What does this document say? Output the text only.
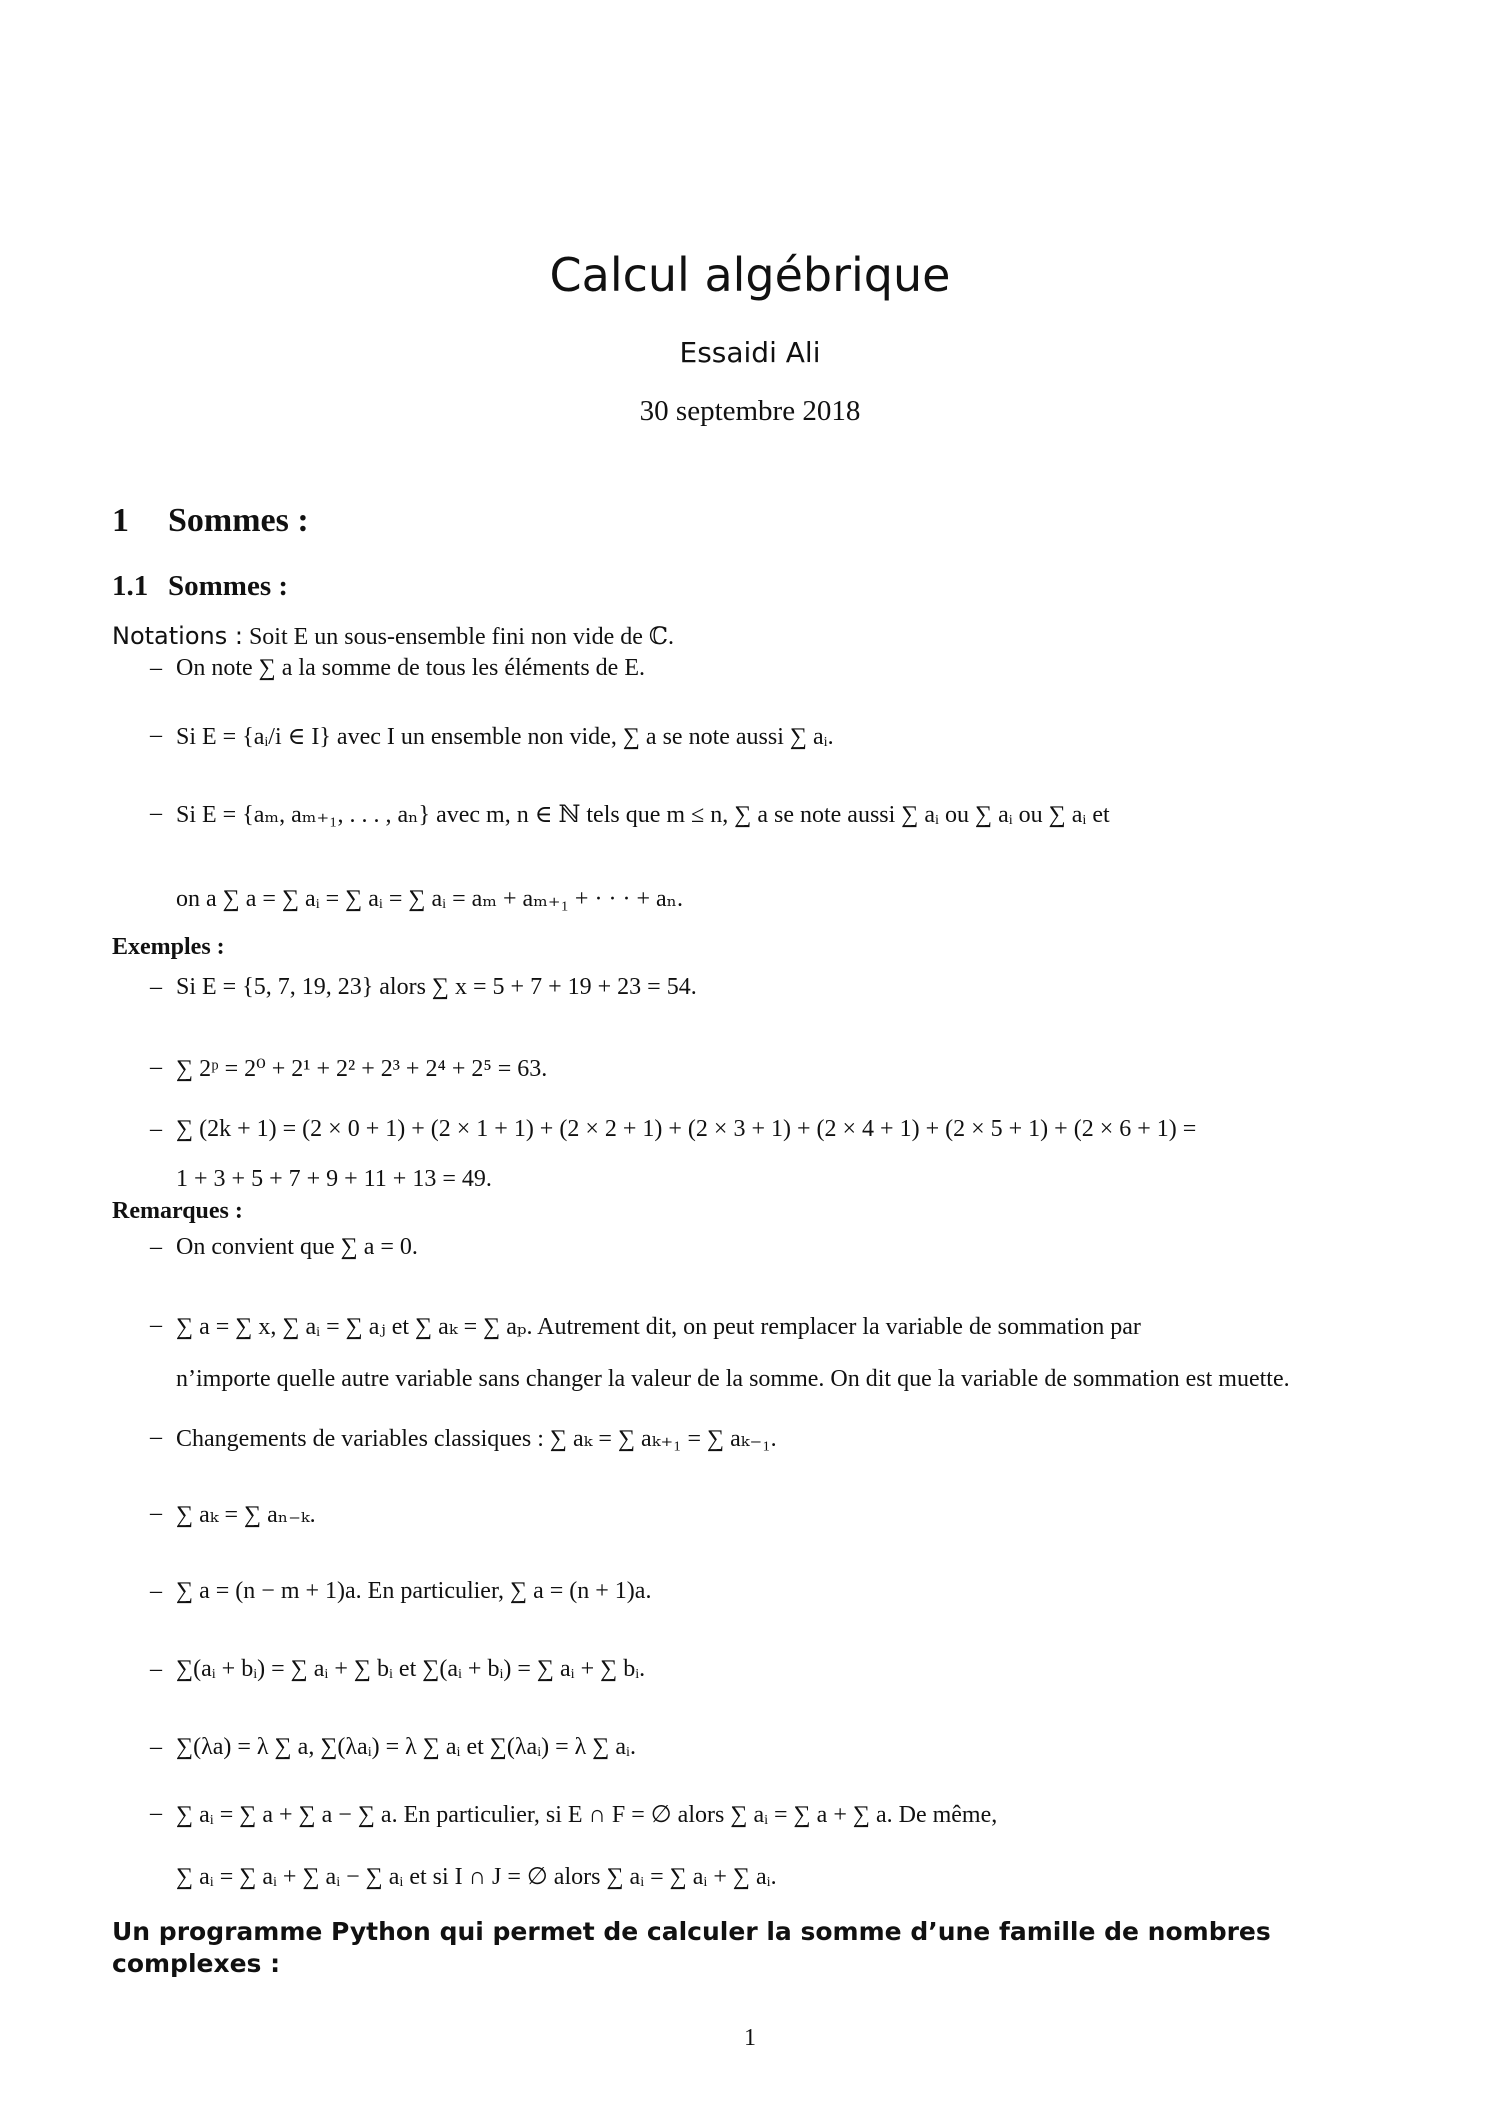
Calcul algébrique
Essaidi Ali
30 septembre 2018
1 Sommes :
1.1 Sommes :
Notations : Soit E un sous-ensemble fini non vide de ℂ.
– On note ∑ a la somme de tous les éléments de E.
– Si E = {aᵢ/i ∈ I} avec I un ensemble non vide, ∑ a se note aussi ∑ aᵢ.
– Si E = {aₘ, aₘ₊₁, . . . , aₙ} avec m, n ∈ ℕ tels que m ≤ n, ∑ a se note aussi ∑ aᵢ ou ∑ aᵢ ou ∑ aᵢ et
on a ∑ a = ∑ aᵢ = ∑ aᵢ = ∑ aᵢ = aₘ + aₘ₊₁ + · · · + aₙ.
Exemples :
– Si E = {5, 7, 19, 23} alors ∑ x = 5 + 7 + 19 + 23 = 54.
– ∑ 2ᵖ = 2⁰ + 2¹ + 2² + 2³ + 2⁴ + 2⁵ = 63.
– ∑ (2k + 1) = (2 × 0 + 1) + (2 × 1 + 1) + (2 × 2 + 1) + (2 × 3 + 1) + (2 × 4 + 1) + (2 × 5 + 1) + (2 × 6 + 1) =
1 + 3 + 5 + 7 + 9 + 11 + 13 = 49.
Remarques :
– On convient que ∑ a = 0.
– ∑ a = ∑ x, ∑ aᵢ = ∑ aⱼ et ∑ aₖ = ∑ aₚ. Autrement dit, on peut remplacer la variable de sommation par
n’importe quelle autre variable sans changer la valeur de la somme. On dit que la variable de sommation est muette.
– Changements de variables classiques : ∑ aₖ = ∑ aₖ₊₁ = ∑ aₖ₋₁.
– ∑ aₖ = ∑ aₙ₋ₖ.
– ∑ a = (n − m + 1)a. En particulier, ∑ a = (n + 1)a.
– ∑(aᵢ + bᵢ) = ∑ aᵢ + ∑ bᵢ et ∑(aᵢ + bᵢ) = ∑ aᵢ + ∑ bᵢ.
– ∑(λa) = λ ∑ a, ∑(λaᵢ) = λ ∑ aᵢ et ∑(λaᵢ) = λ ∑ aᵢ.
– ∑ aᵢ = ∑ a + ∑ a − ∑ a. En particulier, si E ∩ F = ∅ alors ∑ aᵢ = ∑ a + ∑ a. De même,
∑ aᵢ = ∑ aᵢ + ∑ aᵢ − ∑ aᵢ et si I ∩ J = ∅ alors ∑ aᵢ = ∑ aᵢ + ∑ aᵢ.
Un programme Python qui permet de calculer la somme d’une famille de nombres complexes :
1
